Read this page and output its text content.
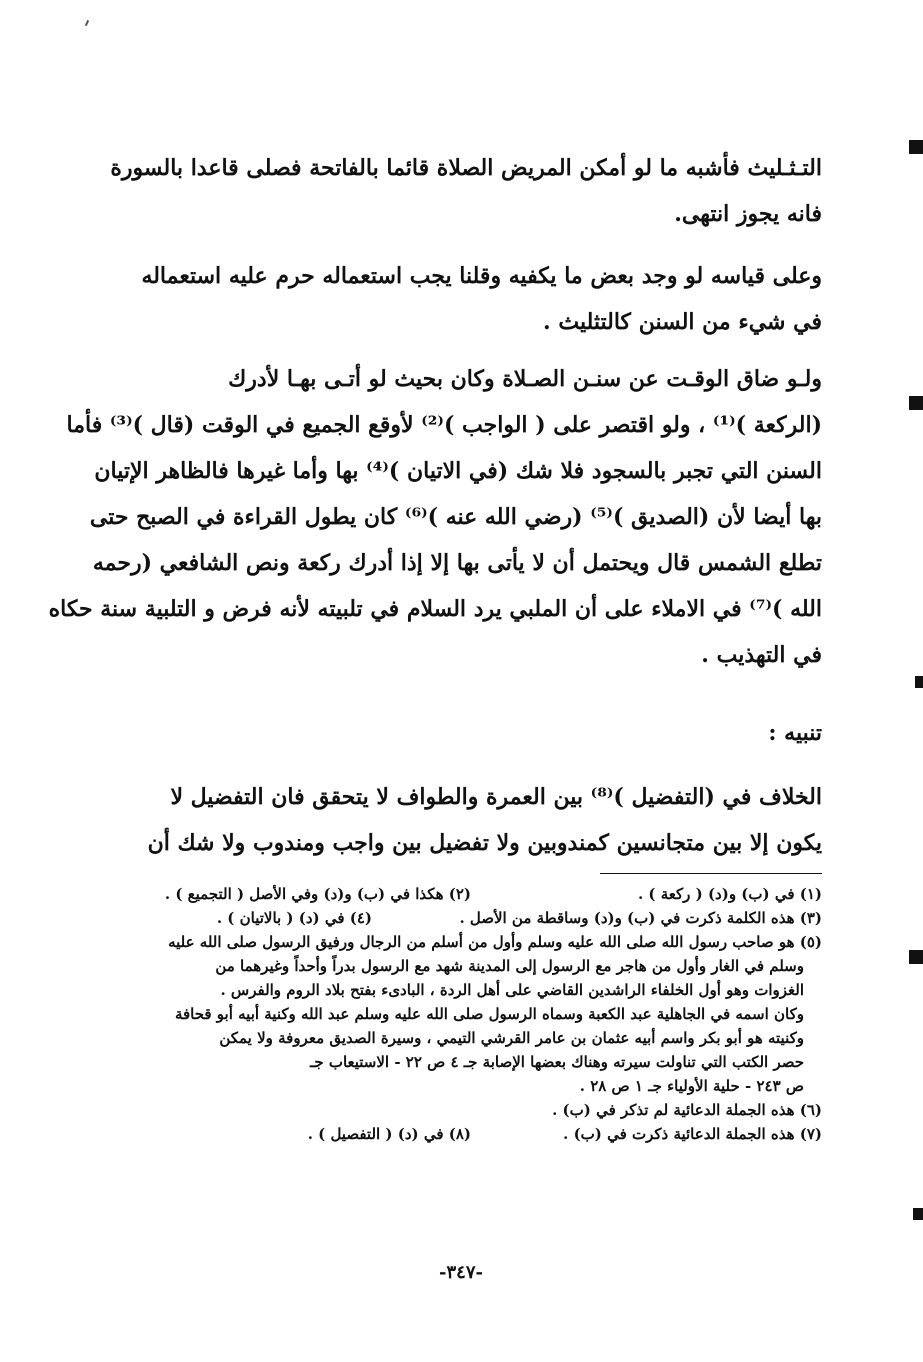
التـثـليث فأشبه ما لو أمكن المريض الصلاة قائما بالفاتحة فصلى قاعدا بالسورة
فانه يجوز انتهى.
وعلى قياسه لو وجد بعض ما يكفيه وقلنا يجب استعماله حرم عليه استعماله
في شيء من السنن كالتثليث .
ولـو ضاق الوقـت عن سنـن الصـلاة وكان بحيث لو أتـى بهـا لأدرك
(الركعة )⁽¹⁾ ، ولو اقتصر على ( الواجب )⁽²⁾ لأوقع الجميع في الوقت (قال )⁽³⁾ فأما
السنن التي تجبر بالسجود فلا شك (في الاتيان )⁽⁴⁾ بها وأما غيرها فالظاهر الإتيان
بها أيضا لأن (الصديق )⁽⁵⁾ (رضي الله عنه )⁽⁶⁾ كان يطول القراءة في الصبح حتى
تطلع الشمس قال ويحتمل أن لا يأتى بها إلا إذا أدرك ركعة ونص الشافعي (رحمه
الله )⁽⁷⁾ في الاملاء على أن الملبي يرد السلام في تلبيته لأنه فرض و التلبية سنة حكاه
في التهذيب .
تنبيه :
الخلاف في (التفضيل )⁽⁸⁾ بين العمرة والطواف لا يتحقق فان التفضيل لا
يكون إلا بين متجانسين كمندوبين ولا تفضيل بين واجب ومندوب ولا شك أن
(١) في (ب) و(د) ( ركعة ) .
(٢) هكذا في (ب) و(د) وفي الأصل ( التجميع ) .
(٣) هذه الكلمة ذكرت في (ب) و(د) وساقطة من الأصل .
(٤) في (د) ( بالاتيان ) .
(٥) هو صاحب رسول الله صلى الله عليه وسلم وأول من أسلم من الرجال ورفيق الرسول صلى الله عليه
وسلم في الغار وأول من هاجر مع الرسول إلى المدينة شهد مع الرسول بدراً وأحداً وغيرهما من
الغزوات وهو أول الخلفاء الراشدين القاضي على أهل الردة ، البادىء بفتح بلاد الروم والفرس .
وكان اسمه في الجاهلية عبد الكعبة وسماه الرسول صلى الله عليه وسلم عبد الله وكنية أبيه أبو قحافة
وكنيته هو أبو بكر واسم أبيه عثمان بن عامر القرشي التيمي ، وسيرة الصديق معروفة ولا يمكن
حصر الكتب التي تناولت سيرته وهناك بعضها الإصابة جـ ٤ ص ٢٢ - الاستيعاب جـ
ص ٢٤٣ - حلية الأولياء جـ ١ ص ٢٨ .
(٦) هذه الجملة الدعائية لم تذكر في (ب) .
(٧) هذه الجملة الدعائية ذكرت في (ب) .
(٨) في (د) ( التفصيل ) .
-٣٤٧-
